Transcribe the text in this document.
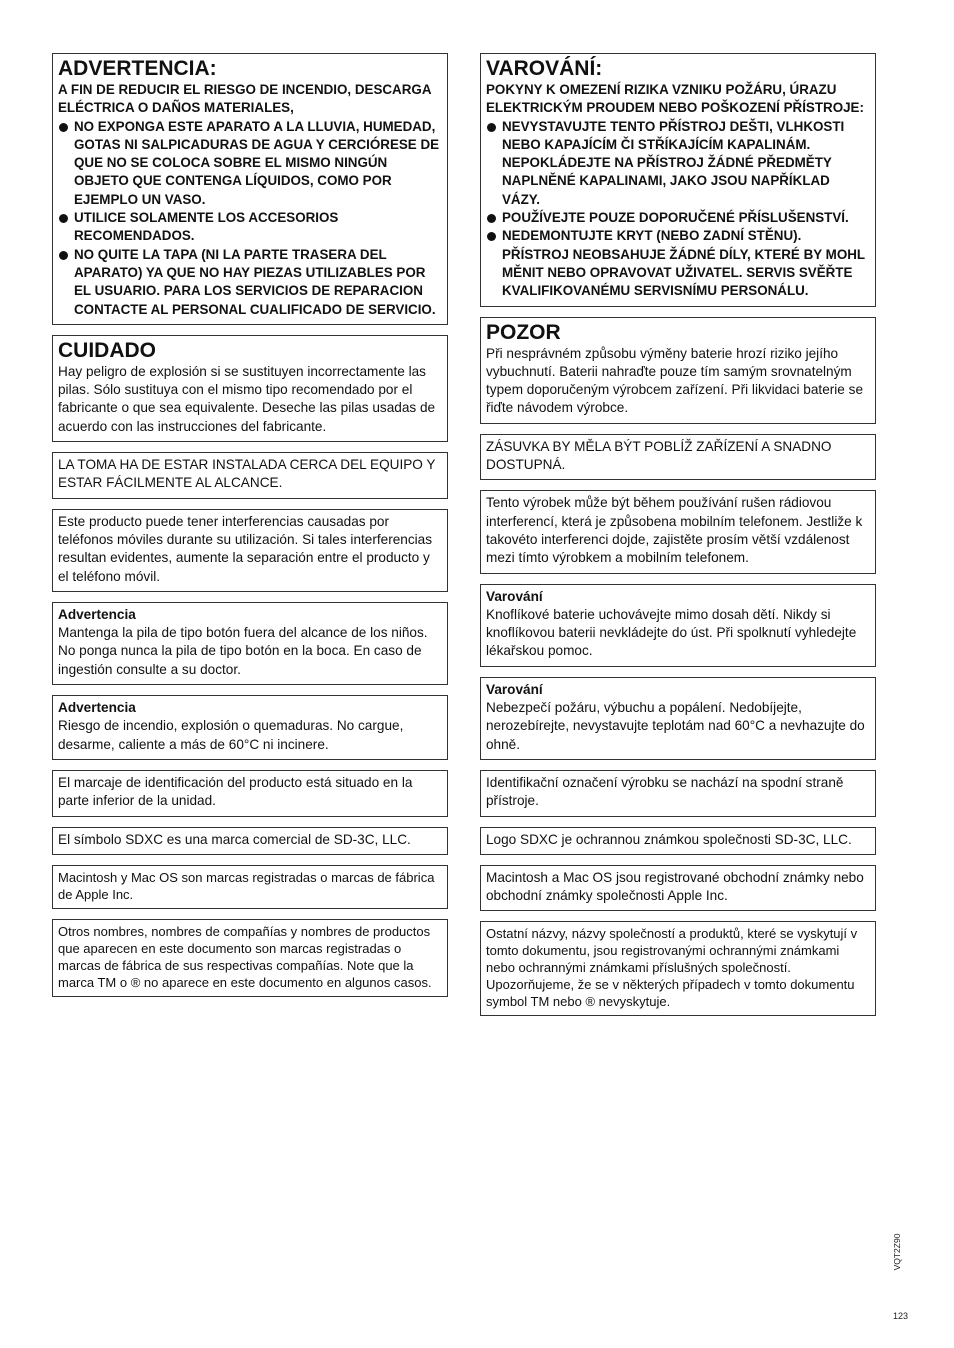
ADVERTENCIA:
A FIN DE REDUCIR EL RIESGO DE INCENDIO, DESCARGA ELÉCTRICA O DAÑOS MATERIALES,
NO EXPONGA ESTE APARATO A LA LLUVIA, HUMEDAD, GOTAS NI SALPICADURAS DE AGUA Y CERCIÓRESE DE QUE NO SE COLOCA SOBRE EL MISMO NINGÚN OBJETO QUE CONTENGA LÍQUIDOS, COMO POR EJEMPLO UN VASO.
UTILICE SOLAMENTE LOS ACCESORIOS RECOMENDADOS.
NO QUITE LA TAPA (NI LA PARTE TRASERA DEL APARATO) YA QUE NO HAY PIEZAS UTILIZABLES POR EL USUARIO. PARA LOS SERVICIOS DE REPARACION CONTACTE AL PERSONAL CUALIFICADO DE SERVICIO.
CUIDADO

Hay peligro de explosión si se sustituyen incorrectamente las pilas. Sólo sustituya con el mismo tipo recomendado por el fabricante o que sea equivalente. Deseche las pilas usadas de acuerdo con las instrucciones del fabricante.

LA TOMA HA DE ESTAR INSTALADA CERCA DEL EQUIPO Y ESTAR FÁCILMENTE AL ALCANCE.

Este producto puede tener interferencias causadas por teléfonos móviles durante su utilización. Si tales interferencias resultan evidentes, aumente la separación entre el producto y el teléfono móvil.

Advertencia

Mantenga la pila de tipo botón fuera del alcance de los niños. No ponga nunca la pila de tipo botón en la boca. En caso de ingestión consulte a su doctor.

Advertencia

Riesgo de incendio, explosión o quemaduras. No cargue, desarme, caliente a más de 60°C ni incinere.

El marcaje de identificación del producto está situado en la parte inferior de la unidad.

El símbolo SDXC es una marca comercial de SD-3C, LLC.

Macintosh y Mac OS son marcas registradas o marcas de fábrica de Apple Inc.

Otros nombres, nombres de compañías y nombres de productos que aparecen en este documento son marcas registradas o marcas de fábrica de sus respectivas compañías. Note que la marca TM o ® no aparece en este documento en algunos casos.

VAROVÁNÍ:
POKYNY K OMEZENÍ RIZIKA VZNIKU POŽÁRU, ÚRAZU ELEKTRICKÝM PROUDEM NEBO POŠKOZENÍ PŘÍSTROJE:
NEVYSTAVUJTE TENTO PŘÍSTROJ DEŠTI, VLHKOSTI NEBO KAPAJÍCÍM ČI STŘÍKAJÍCÍM KAPALINÁM. NEPOKLÁDEJTE NA PŘÍSTROJ ŽÁDNÉ PŘEDMĚTY NAPLNĚNÉ KAPALINAMI, JAKO JSOU NAPŘÍKLAD VÁZY.
POUŽÍVEJTE POUZE DOPORUČENÉ PŘÍSLUŠENSTVÍ.
NEDEMONTUJTE KRYT (NEBO ZADNÍ STĚNU). PŘÍSTROJ NEOBSAHUJE ŽÁDNÉ DÍLY, KTERÉ BY MOHL MĚNIT NEBO OPRAVOVAT UŽIVATEL. SERVIS SVĚŘTE KVALIFIKOVANÉMU SERVISNÍMU PERSONÁLU.
POZOR

Při nesprávném způsobu výměny baterie hrozí riziko jejího vybuchnutí. Baterii nahraďte pouze tím samým srovnatelným typem doporučeným výrobcem zařízení. Při likvidaci baterie se řiďte návodem výrobce.

ZÁSUVKA BY MĚLA BÝT POBLÍŽ ZAŘÍZENÍ A SNADNO DOSTUPNÁ.

Tento výrobek může být během používání rušen rádiovou interferencí, která je způsobena mobilním telefonem. Jestliže k takovéto interferenci dojde, zajistěte prosím větší vzdálenost mezi tímto výrobkem a mobilním telefonem.

Varování

Knoflíkové baterie uchovávejte mimo dosah dětí. Nikdy si knoflíkovou baterii nevkládejte do úst. Při spolknutí vyhledejte lékařskou pomoc.

Varování

Nebezpečí požáru, výbuchu a popálení. Nedobíjejte, nerozebírejte, nevystavujte teplotám nad 60°C a nevhazujte do ohně.

Identifikační označení výrobku se nachází na spodní straně přístroje.

Logo SDXC je ochrannou známkou společnosti SD-3C, LLC.

Macintosh a Mac OS jsou registrované obchodní známky nebo obchodní známky společnosti Apple Inc.

Ostatní názvy, názvy společností a produktů, které se vyskytují v tomto dokumentu, jsou registrovanými ochrannými známkami nebo ochrannými známkami příslušných společností. Upozorňujeme, že se v některých případech v tomto dokumentu symbol TM nebo ® nevyskytuje.

VQT2Z90
123
